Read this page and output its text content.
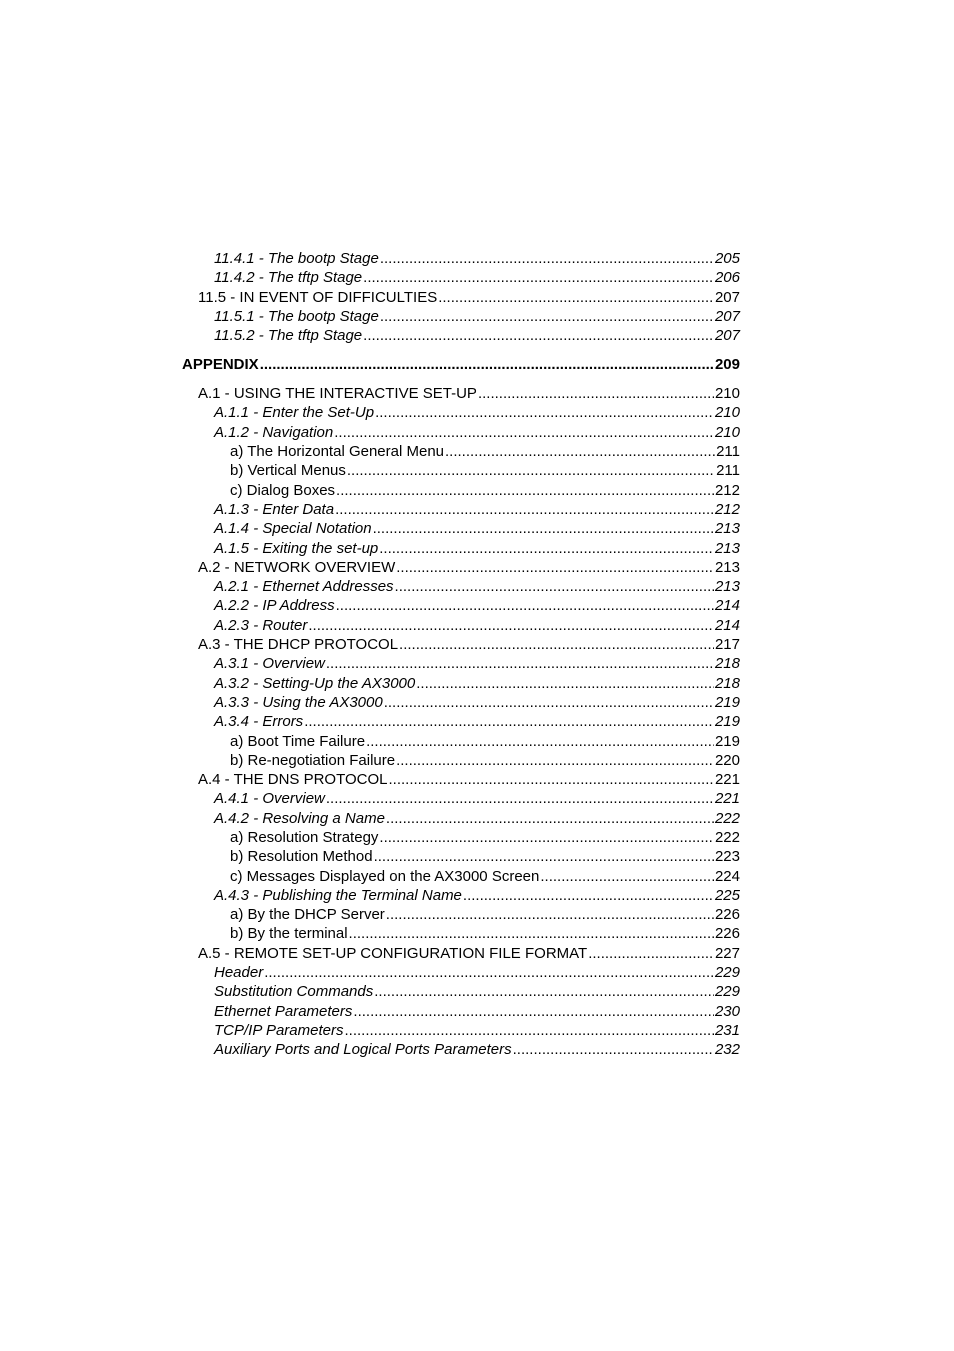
11.4.1 - The bootp Stage .....	205
11.4.2 - The tftp Stage .....	206
11.5 - IN EVENT OF DIFFICULTIES .....	207
11.5.1 - The bootp Stage .....	207
11.5.2 - The tftp Stage .....	207
APPENDIX .....	209
A.1 - USING THE INTERACTIVE SET-UP .....	210
A.1.1 - Enter the Set-Up .....	210
A.1.2 - Navigation .....	210
a) The Horizontal General Menu .....	211
b) Vertical Menus .....	211
c) Dialog Boxes .....	212
A.1.3 - Enter Data .....	212
A.1.4 - Special Notation .....	213
A.1.5 - Exiting the set-up .....	213
A.2 - NETWORK OVERVIEW .....	213
A.2.1 - Ethernet Addresses .....	213
A.2.2 - IP Address .....	214
A.2.3 - Router .....	214
A.3 - THE DHCP PROTOCOL .....	217
A.3.1 - Overview .....	218
A.3.2 - Setting-Up the AX3000 .....	218
A.3.3 - Using the AX3000 .....	219
A.3.4 - Errors .....	219
a) Boot Time Failure .....	219
b) Re-negotiation Failure .....	220
A.4 - THE DNS PROTOCOL .....	221
A.4.1 - Overview .....	221
A.4.2 - Resolving a Name .....	222
a) Resolution Strategy .....	222
b) Resolution Method .....	223
c) Messages Displayed on the AX3000 Screen .....	224
A.4.3 - Publishing the Terminal Name .....	225
a) By the DHCP Server .....	226
b) By the terminal .....	226
A.5 - REMOTE SET-UP CONFIGURATION FILE FORMAT .....	227
Header .....	229
Substitution Commands .....	229
Ethernet Parameters .....	230
TCP/IP Parameters .....	231
Auxiliary Ports and Logical Ports Parameters .....	232
